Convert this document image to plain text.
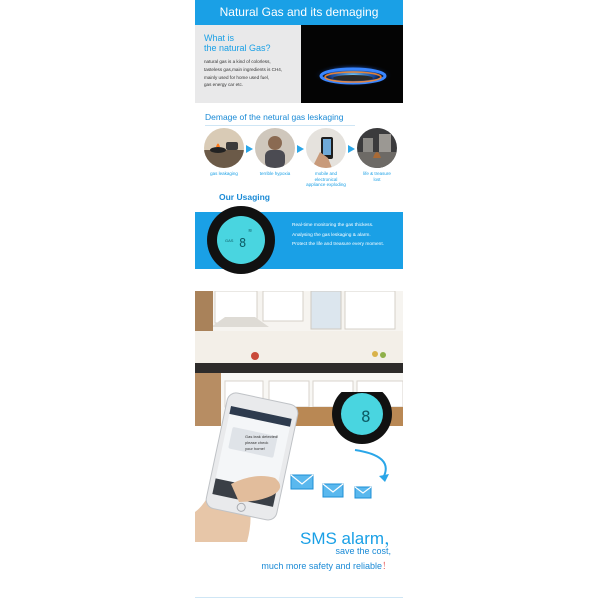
Natural Gas and its demaging
What is
the natural Gas?
natural gas is a kind of colorless,
tasteless gas,main ingredients is CH4,
mainly used for home used fuel,
gas energy car etc.
Demage of the netural gas leskaging
gas leakaging	terrible hypoxia	mobile and
electronical
appliance exploding
life & treasure
lost
Our Usaging
GAS
≋
8
Real-time monitoring the gas thickess.
Analysing the gas leskaging & alarm.
Protect the life and treasure every moment.
Gas leak detected!
please check
your home!
8
SMS alarm，
save the cost,
much more safety and reliable！
